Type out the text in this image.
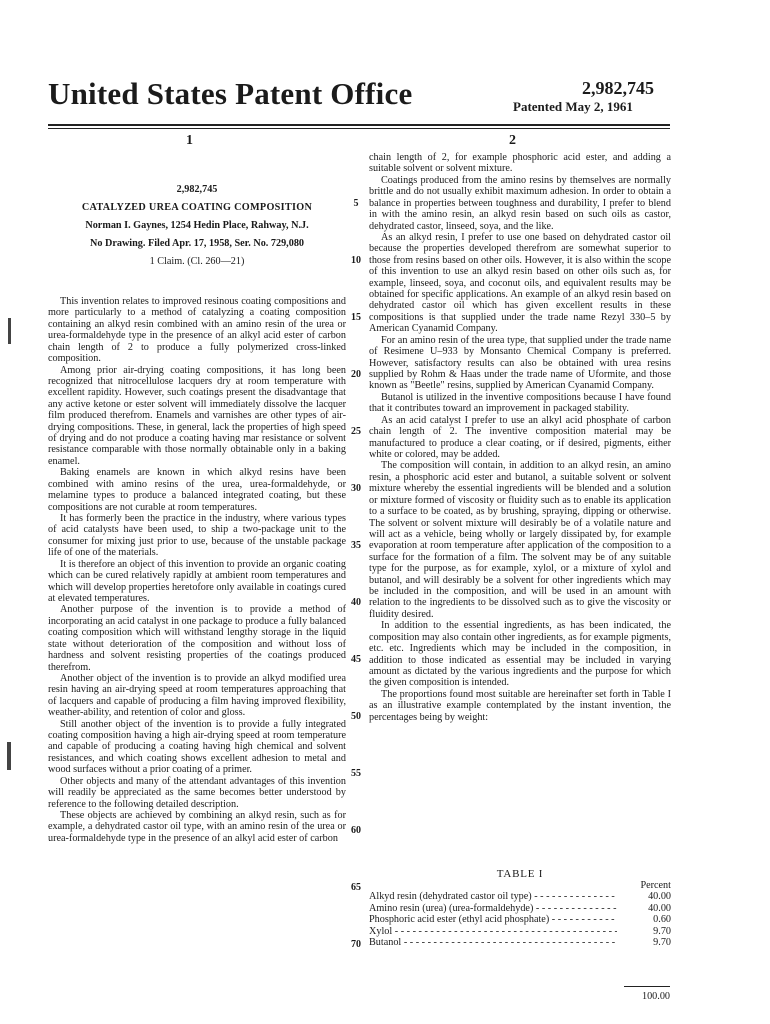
United States Patent Office	2,982,745
Patented May 2, 1961
1	2
2,982,745
CATALYZED UREA COATING COMPOSITION
Norman I. Gaynes, 1254 Hedin Place, Rahway, N.J.
No Drawing. Filed Apr. 17, 1958, Ser. No. 729,080
1 Claim. (Cl. 260—21)

This invention relates to improved resinous coating compositions and more particularly to a method of catalyzing a coating composition containing an alkyd resin combined with an amino resin of the urea or urea-formaldehyde type in the presence of an alkyl acid ester of carbon chain length of 2 to produce a fully polymerized cross-linked composition.

Among prior air-drying coating compositions, it has long been recognized that nitrocellulose lacquers dry at room temperature with excellent rapidity. However, such coatings present the disadvantage that any active ketone or ester solvent will immediately dissolve the lacquer film produced therefrom. Enamels and varnishes are other types of air-drying compositions. These, in general, lack the properties of high speed of drying and do not produce a coating having mar resistance or solvent resistance comparable with those normally obtainable only in a baking enamel.

Baking enamels are known in which alkyd resins have been combined with amino resins of the urea, urea-formaldehyde, or melamine types to produce a balanced integrated coating, but these compositions are not curable at room temperatures.

It has formerly been the practice in the industry, where various types of acid catalysts have been used, to ship a two-package unit to the consumer for mixing just prior to use, because of the unstable package life of one of the materials.

It is therefore an object of this invention to provide an organic coating which can be cured relatively rapidly at ambient room temperatures and which will develop properties heretofore only available in coatings cured at elevated temperatures.

Another purpose of the invention is to provide a method of incorporating an acid catalyst in one package to produce a fully balanced coating composition which will withstand lengthy storage in the liquid state without deterioration of the composition and without loss of hardness and solvent resisting properties of the coatings produced therefrom.

Another object of the invention is to provide an alkyd modified urea resin having an air-drying speed at room temperatures approaching that of lacquers and capable of producing a film having improved flexibility, weather-ability, and retention of color and gloss.

Still another object of the invention is to provide a fully integrated coating composition having a high air-drying speed at room temperature and capable of producing a coating having high chemical and solvent resistances, and which coating shows excellent adhesion to metal and wood surfaces without a prior coating of a primer.

Other objects and many of the attendant advantages of this invention will readily be appreciated as the same becomes better understood by reference to the following detailed description.

These objects are achieved by combining an alkyd resin, such as for example, a dehydrated castor oil type, with an amino resin of the urea or urea-formaldehyde type in the presence of an alkyl acid ester of carbon

chain length of 2, for example phosphoric acid ester, and adding a suitable solvent or solvent mixture.

Coatings produced from the amino resins by themselves are normally brittle and do not usually exhibit maximum adhesion. In order to obtain a balance in properties between toughness and durability, I prefer to blend in with the amino resin, an alkyd resin based on such oils as castor, dehydrated castor, linseed, soya, and the like.

As an alkyd resin, I prefer to use one based on dehydrated castor oil because the properties developed therefrom are somewhat superior to those from resins based on other oils. However, it is also within the scope of this invention to use an alkyd resin based on other oils such as, for example, linseed, soya, and coconut oils, and equivalent results may be obtained for specific applications. An example of an alkyd resin based on dehydrated castor oil which has given excellent results in these compositions is that supplied under the trade name Rezyl 330–5 by American Cyanamid Company.

For an amino resin of the urea type, that supplied under the trade name of Resimene U–933 by Monsanto Chemical Company is preferred. However, satisfactory results can also be obtained with urea resins supplied by Rohm & Haas under the trade name of Uformite, and those known as "Beetle" resins, supplied by American Cyanamid Company.

Butanol is utilized in the inventive compositions because I have found that it contributes toward an improvement in packaged stability.

As an acid catalyst I prefer to use an alkyl acid phosphate of carbon chain length of 2. The inventive composition material may be manufactured to produce a clear coating, or if desired, pigments, either white or colored, may be added.

The composition will contain, in addition to an alkyd resin, an amino resin, a phosphoric acid ester and butanol, a suitable solvent or solvent mixture whereby the essential ingredients will be blended and a solution or mixture formed of viscosity or fluidity such as to enable its application to a surface to be coated, as by brushing, spraying, dipping or otherwise. The solvent or solvent mixture will desirably be of a volatile nature and will act as a vehicle, being wholly or largely dissipated by, for example evaporation at room temperature after application of the composition to a surface for the formation of a film. The solvent may be of any suitable type for the purpose, as for example, xylol, or a mixture of xylol and butanol, and will desirably be a solvent for other ingredients which may be included in the composition, and will be used in an amount with relation to the ingredients to be dissolved such as to give the viscosity or fluidity desired.

In addition to the essential ingredients, as has been indicated, the composition may also contain other ingredients, as for example pigments, etc. etc. Ingredients which may be included in the composition, in addition to those indicated as essential may be included in varying amount as dictated by the various ingredients and the purpose for which the given composition is intended.

The proportions found most suitable are hereinafter set forth in Table I as an illustrative example contemplated by the instant invention, the percentages being by weight:

5
10
15
20
25
30
35
40
45
50
55
60
65
70
TABLE I
Percent
Alkyd resin (dehydrated castor oil type) - - -	40.00
Amino resin (urea) (urea-formaldehyde) - - -	40.00
Phosphoric acid ester (ethyl acid phosphate) - - -	0.60
Xylol - - -	9.70
Butanol - - -	9.70
100.00
